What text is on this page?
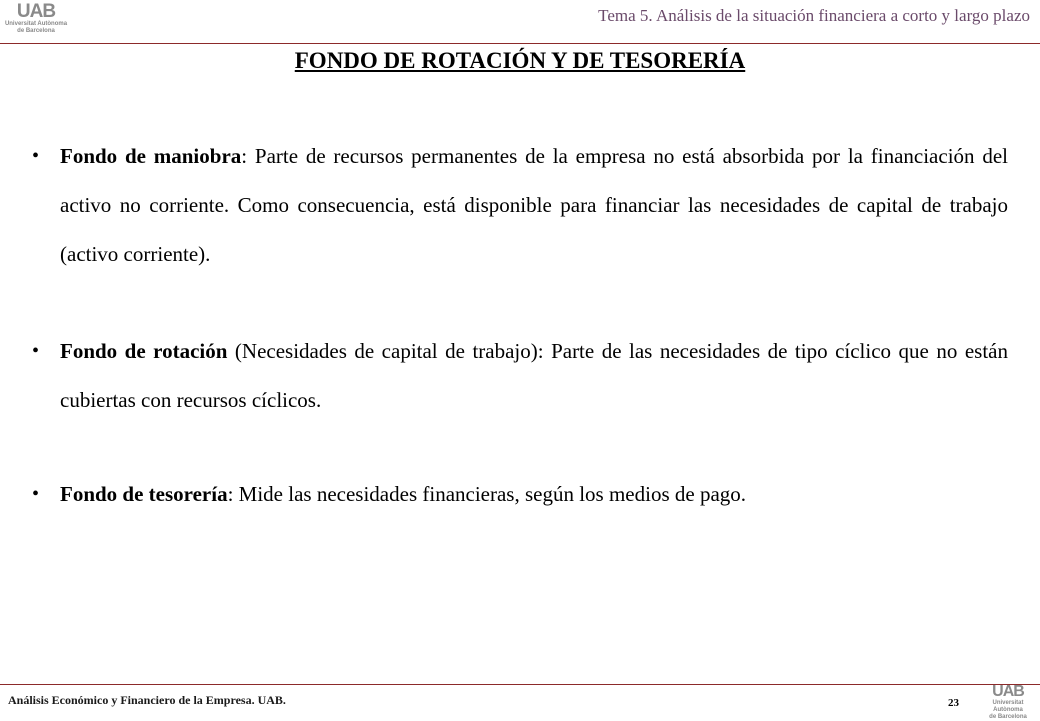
UAB
Universitat Autònoma
de Barcelona
Tema 5. Análisis de la situación financiera a corto y largo plazo
FONDO DE ROTACIÓN Y DE TESORERÍA
• Fondo de maniobra: Parte de recursos permanentes de la empresa no está absorbida por la financiación del activo no corriente. Como consecuencia, está disponible para financiar las necesidades de capital de trabajo (activo corriente).

• Fondo de rotación (Necesidades de capital de trabajo): Parte de las necesidades de tipo cíclico que no están cubiertas con recursos cíclicos.

• Fondo de tesorería: Mide las necesidades financieras, según los medios de pago.

Análisis Económico y Financiero de la Empresa. UAB.	23
UAB
Universitat Autònoma
de Barcelona
